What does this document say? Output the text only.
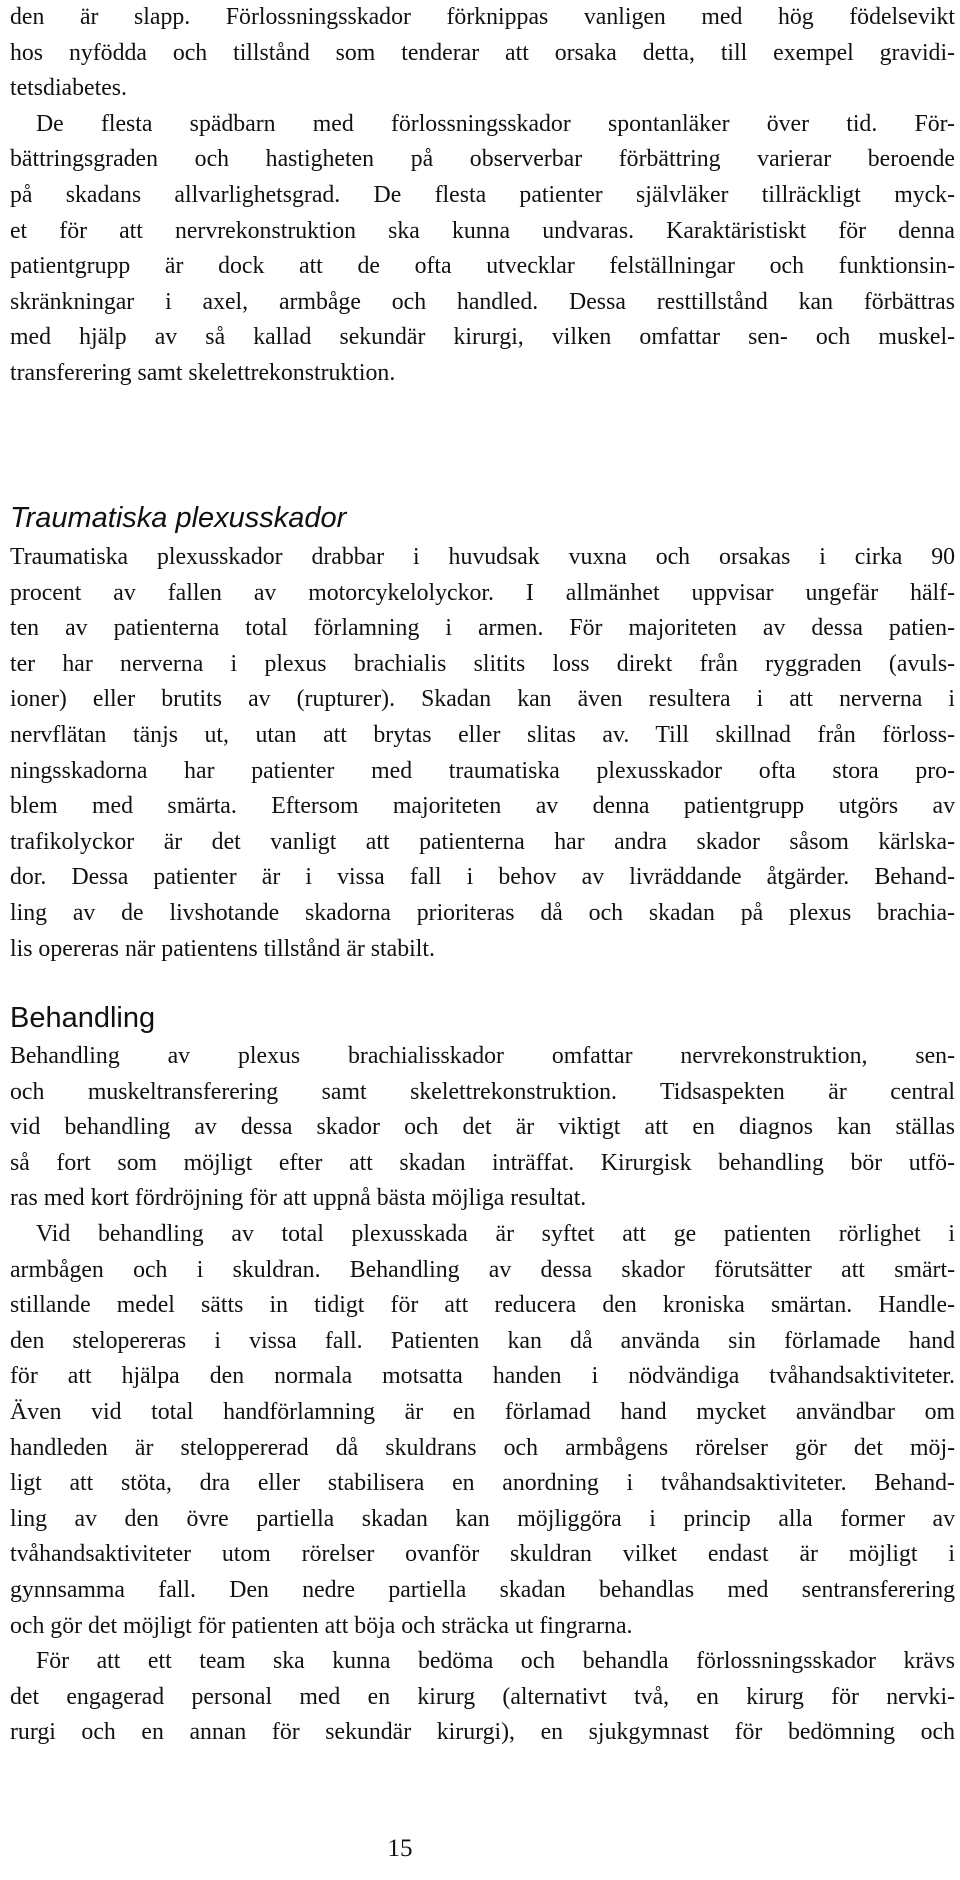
den är slapp. Förlossningsskador förknippas vanligen med hög födelsevikt
hos nyfödda och tillstånd som tenderar att orsaka detta, till exempel gravidi-
tetsdiabetes.
De flesta spädbarn med förlossningsskador spontanläker över tid. För-
bättringsgraden och hastigheten på observerbar förbättring varierar beroende
på skadans allvarlighetsgrad. De flesta patienter självläker tillräckligt myck-
et för att nervrekonstruktion ska kunna undvaras. Karaktäristiskt för denna
patientgrupp är dock att de ofta utvecklar felställningar och funktionsin-
skränkningar i axel, armbåge och handled. Dessa resttillstånd kan förbättras
med hjälp av så kallad sekundär kirurgi, vilken omfattar sen- och muskel-
transferering samt skelettrekonstruktion.
Traumatiska plexusskador
Traumatiska plexusskador drabbar i huvudsak vuxna och orsakas i cirka 90
procent av fallen av motorcykelolyckor. I allmänhet uppvisar ungefär hälf-
ten av patienterna total förlamning i armen. För majoriteten av dessa patien-
ter har nerverna i plexus brachialis slitits loss direkt från ryggraden (avuls-
ioner) eller brutits av (rupturer). Skadan kan även resultera i att nerverna i
nervflätan tänjs ut, utan att brytas eller slitas av. Till skillnad från förloss-
ningsskadorna har patienter med traumatiska plexusskador ofta stora pro-
blem med smärta. Eftersom majoriteten av denna patientgrupp utgörs av
trafikolyckor är det vanligt att patienterna har andra skador såsom kärlska-
dor. Dessa patienter är i vissa fall i behov av livräddande åtgärder. Behand-
ling av de livshotande skadorna prioriteras då och skadan på plexus brachia-
lis opereras när patientens tillstånd är stabilt.
Behandling
Behandling av plexus brachialisskador omfattar nervrekonstruktion, sen-
och muskeltransferering samt skelettrekonstruktion. Tidsaspekten är central
vid behandling av dessa skador och det är viktigt att en diagnos kan ställas
så fort som möjligt efter att skadan inträffat. Kirurgisk behandling bör utfö-
ras med kort fördröjning för att uppnå bästa möjliga resultat.
Vid behandling av total plexusskada är syftet att ge patienten rörlighet i
armbågen och i skuldran. Behandling av dessa skador förutsätter att smärt-
stillande medel sätts in tidigt för att reducera den kroniska smärtan. Handle-
den stelopereras i vissa fall. Patienten kan då använda sin förlamade hand
för att hjälpa den normala motsatta handen i nödvändiga tvåhandsaktiviteter.
Även vid total handförlamning är en förlamad hand mycket användbar om
handleden är steloppererad då skuldrans och armbågens rörelser gör det möj-
ligt att stöta, dra eller stabilisera en anordning i tvåhandsaktiviteter. Behand-
ling av den övre partiella skadan kan möjliggöra i princip alla former av
tvåhandsaktiviteter utom rörelser ovanför skuldran vilket endast är möjligt i
gynnsamma fall. Den nedre partiella skadan behandlas med sentransferering
och gör det möjligt för patienten att böja och sträcka ut fingrarna.
För att ett team ska kunna bedöma och behandla förlossningsskador krävs
det engagerad personal med en kirurg (alternativt två, en kirurg för nervki-
rurgi och en annan för sekundär kirurgi), en sjukgymnast för bedömning och
15
